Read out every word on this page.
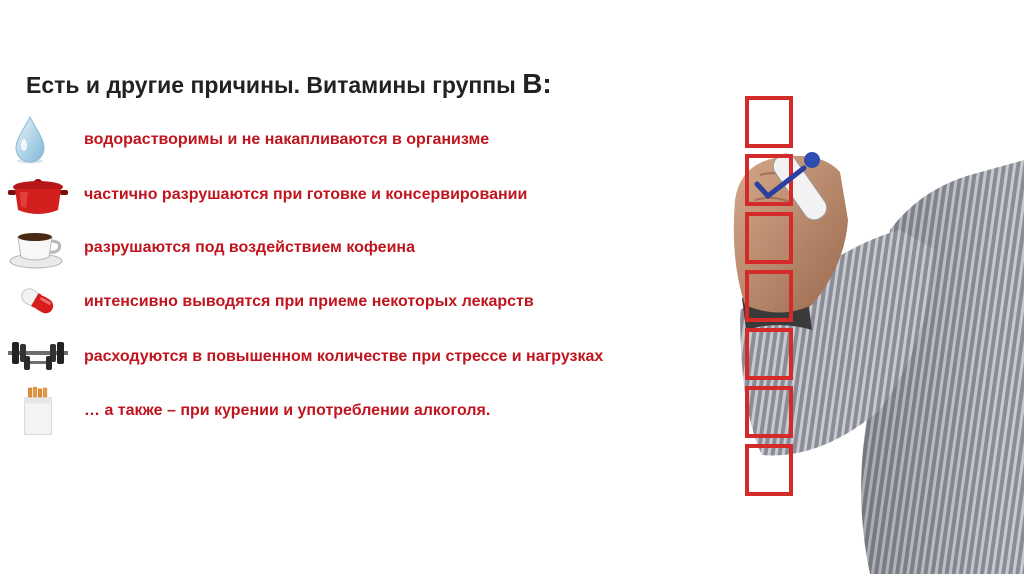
Есть и другие причины. Витамины группы В:
водорастворимы и не накапливаются в организме
частично разрушаются при готовке и консервировании
разрушаются под воздействием кофеина
интенсивно выводятся при приеме некоторых лекарств
расходуются в повышенном количестве при стрессе и нагрузках
… а также – при курении и употреблении алкоголя.
